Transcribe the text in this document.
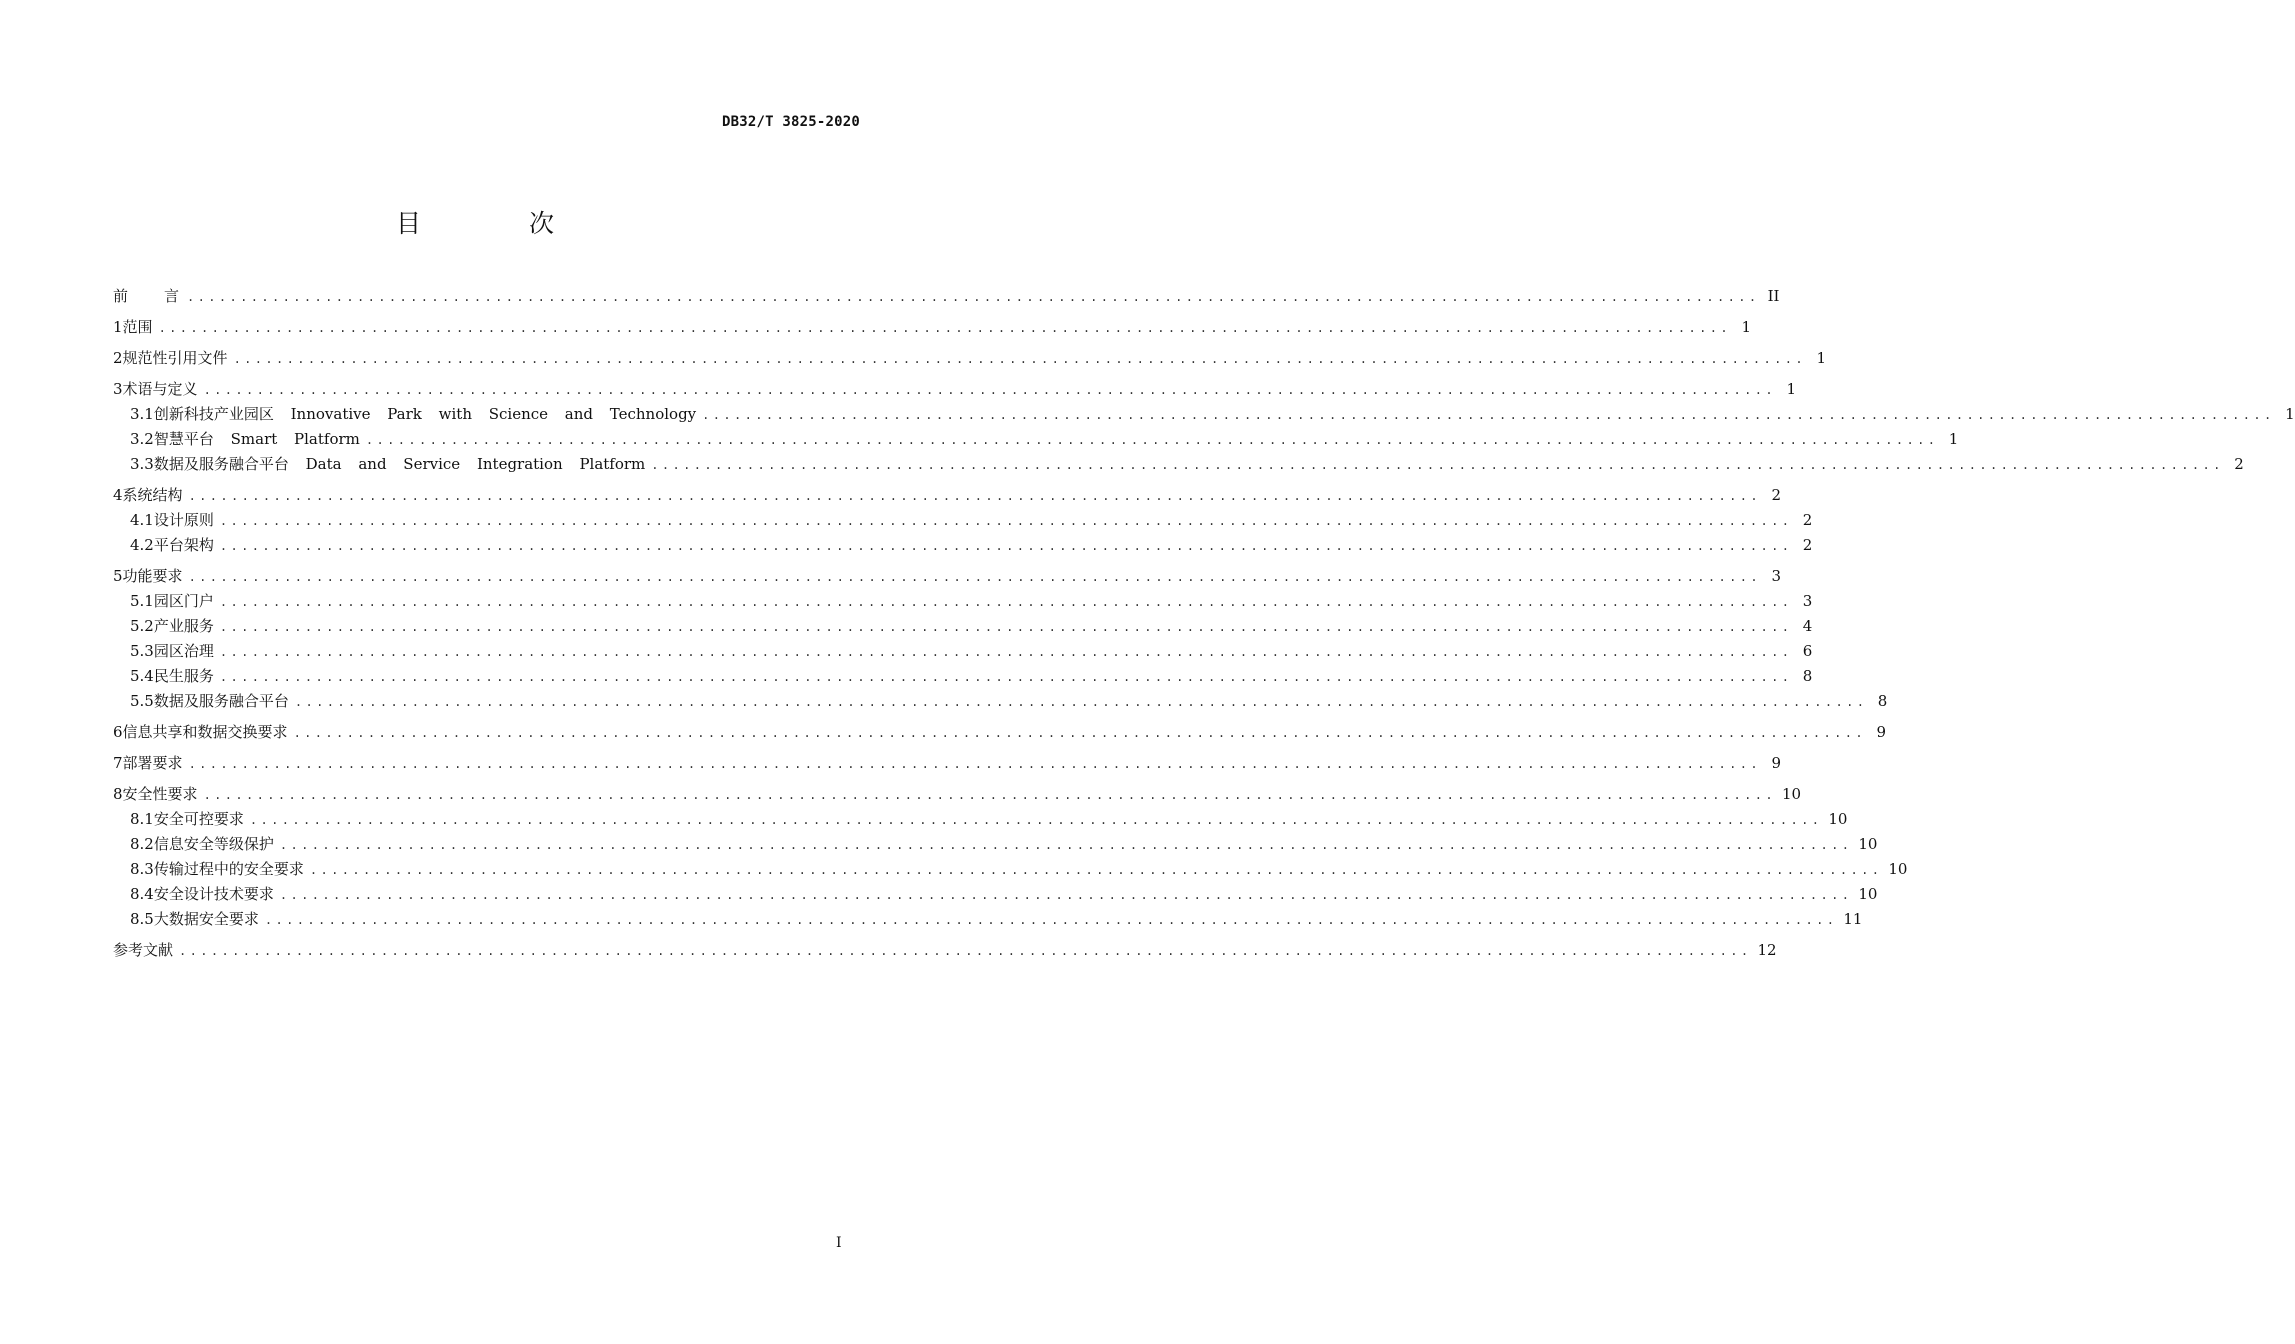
DB32/T 3825-2020
目 次
前　　言 .................................................................................................................................................... II
1 范围 .................................................................................................................................................... 1
2 规范性引用文件 .................................................................................................................................................... 1
3 术语与定义 .................................................................................................................................................... 1
3.1 创新科技产业园区 Innovative Park with Science and Technology .................................................................................................................................................... 1
3.2 智慧平台 Smart Platform .................................................................................................................................................... 1
3.3 数据及服务融合平台 Data and Service Integration Platform .................................................................................................................................................... 2
4 系统结构 .................................................................................................................................................... 2
4.1 设计原则 .................................................................................................................................................... 2
4.2 平台架构 .................................................................................................................................................... 2
5 功能要求 .................................................................................................................................................... 3
5.1 园区门户 .................................................................................................................................................... 3
5.2 产业服务 .................................................................................................................................................... 4
5.3 园区治理 .................................................................................................................................................... 6
5.4 民生服务 .................................................................................................................................................... 8
5.5 数据及服务融合平台 .................................................................................................................................................... 8
6 信息共享和数据交换要求 .................................................................................................................................................... 9
7 部署要求 .................................................................................................................................................... 9
8 安全性要求 .................................................................................................................................................... 10
8.1 安全可控要求 .................................................................................................................................................... 10
8.2 信息安全等级保护 .................................................................................................................................................... 10
8.3 传输过程中的安全要求 .................................................................................................................................................... 10
8.4 安全设计技术要求 .................................................................................................................................................... 10
8.5 大数据安全要求 .................................................................................................................................................... 11
参考文献 .................................................................................................................................................... 12
I
